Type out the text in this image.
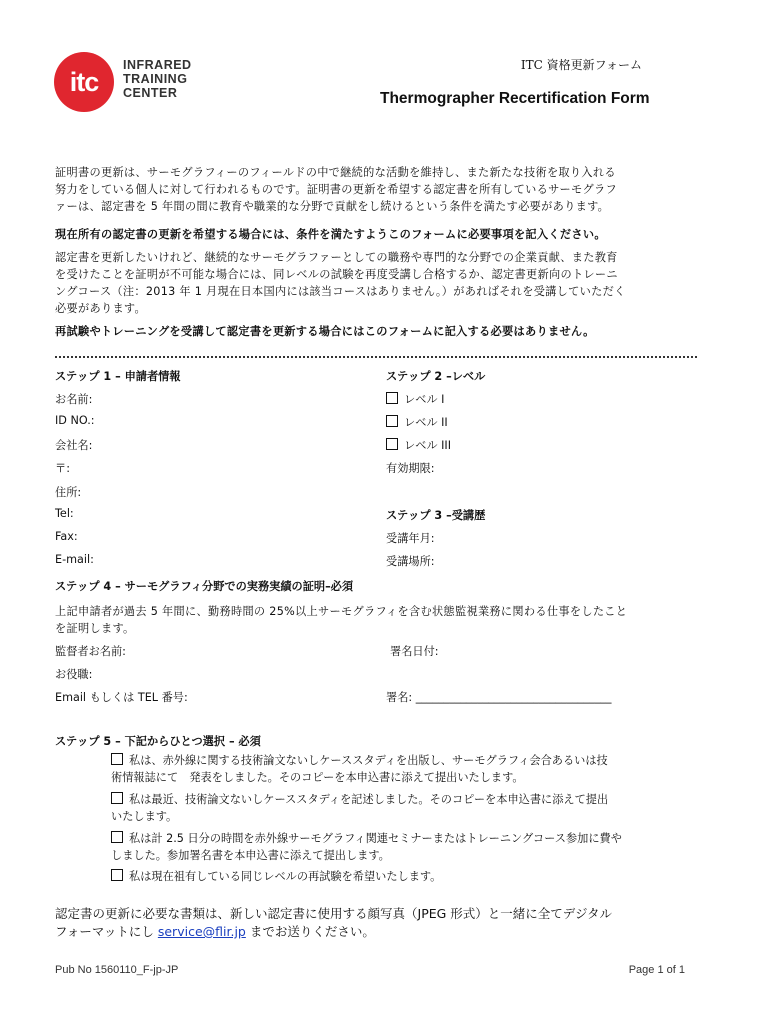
itc
INFRARED
TRAINING
CENTER
ITC 資格更新フォーム
Thermographer Recertification Form
証明書の更新は、サーモグラフィーのフィールドの中で継続的な活動を維持し、また新たな技術を取り入れる
努力をしている個人に対して行われるものです。証明書の更新を希望する認定書を所有しているサーモグラフ
ァーは、認定書を 5 年間の間に教育や職業的な分野で貢献をし続けるという条件を満たす必要があります。
現在所有の認定書の更新を希望する場合には、条件を満たすようこのフォームに必要事項を記入ください。
認定書を更新したいけれど、継続的なサーモグラファーとしての職務や専門的な分野での企業貢献、また教育
を受けたことを証明が不可能な場合には、同レベルの試験を再度受講し合格するか、認定書更新向のトレーニ
ングコース（注：2013 年 1 月現在日本国内には該当コースはありません。）があればそれを受講していただく
必要があります。
再試験やトレーニングを受講して認定書を更新する場合にはこのフォームに記入する必要はありません。
ステップ 1 – 申請者情報
お名前:
ID NO.:
会社名:
〒:
住所:
Tel:
Fax:
E-mail:
ステップ 2 –レベル
レベル I
レベル II
レベル III
有効期限:
ステップ 3 –受講歴
受講年月:
受講場所:
ステップ 4 – サーモグラフィ分野での実務実績の証明–必須
上記申請者が過去 5 年間に、勤務時間の 25%以上サーモグラフィを含む状態監視業務に関わる仕事をしたこと
を証明します。
監督者お名前:	署名日付:
お役職:
Email もしくは TEL 番号:	署名: ___________________________________
ステップ 5 – 下記からひとつ選択 – 必須
私は、赤外線に関する技術論文ないしケーススタディを出版し、サーモグラフィ会合あるいは技
術情報誌にて　発表をしました。そのコピーを本申込書に添えて提出いたします。
私は最近、技術論文ないしケーススタディを記述しました。そのコピーを本申込書に添えて提出
いたします。
私は計 2.5 日分の時間を赤外線サーモグラフィ関連セミナーまたはトレーニングコース参加に費や
しました。参加署名書を本申込書に添えて提出します。
私は現在祖有している同じレベルの再試験を希望いたします。
認定書の更新に必要な書類は、新しい認定書に使用する顔写真（JPEG 形式）と一緒に全てデジタル
フォーマットにし service@flir.jp までお送りください。
Pub No 1560110_F-jp-JP	Page 1 of 1
